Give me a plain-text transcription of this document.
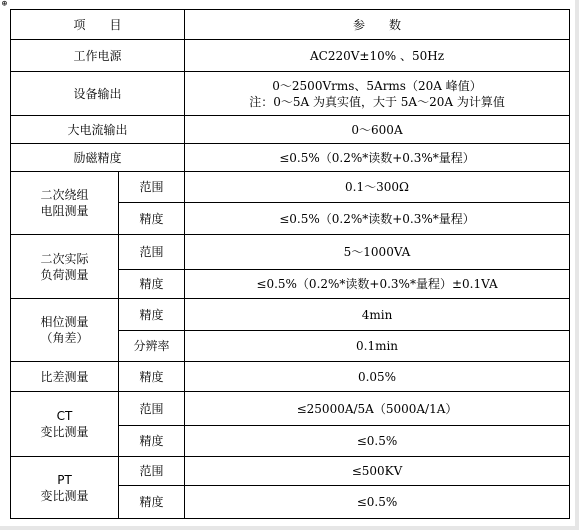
⊕
项　　目		参　　数
工作电源		AC220V±10% 、50Hz
设备输出		0～2500Vrms、5Arms（20A 峰值）
注：0～5A 为真实值，大于 5A～20A 为计算值

大电流输出		0～600A
励磁精度		≤0.5%（0.2%*读数+0.3%*量程）

二次绕组
电阻测量	范围	0.1～300Ω
	精度	≤0.5%（0.2%*读数+0.3%*量程）

二次实际
负荷测量	范围	5～1000VA
	精度	≤0.5%（0.2%*读数+0.3%*量程）±0.1VA

相位测量
（角差）	精度	4min
	分辨率	0.1min
比差测量	精度	0.05%

CT
变比测量	范围	≤25000A/5A（5000A/1A）
	精度	≤0.5%

PT
变比测量	范围	≤500KV
	精度	≤0.5%
